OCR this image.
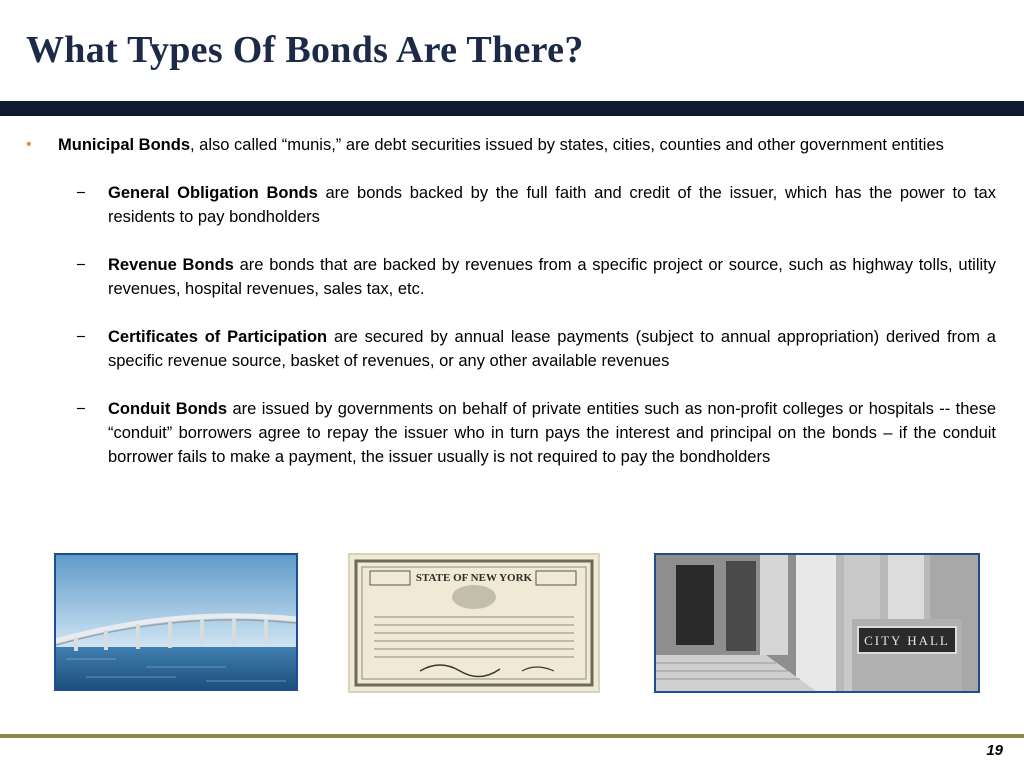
What Types Of Bonds Are There?

• Municipal Bonds, also called “munis,” are debt securities issued by states, cities, counties and other government entities

− General Obligation Bonds are bonds backed by the full faith and credit of the issuer, which has the power to tax residents to pay bondholders

− Revenue Bonds are bonds that are backed by revenues from a specific project or source, such as highway tolls, utility revenues, hospital revenues, sales tax, etc.

− Certificates of Participation are secured by annual lease payments (subject to annual appropriation) derived from a specific revenue source, basket of revenues, or any other available revenues

− Conduit Bonds are issued by governments on behalf of private entities such as non-profit colleges or hospitals -- these “conduit” borrowers agree to repay the issuer who in turn pays the interest and principal on the bonds – if the conduit borrower fails to make a payment, the issuer usually is not required to pay the bondholders

STATE OF NEW YORK
CITY HALL
19
